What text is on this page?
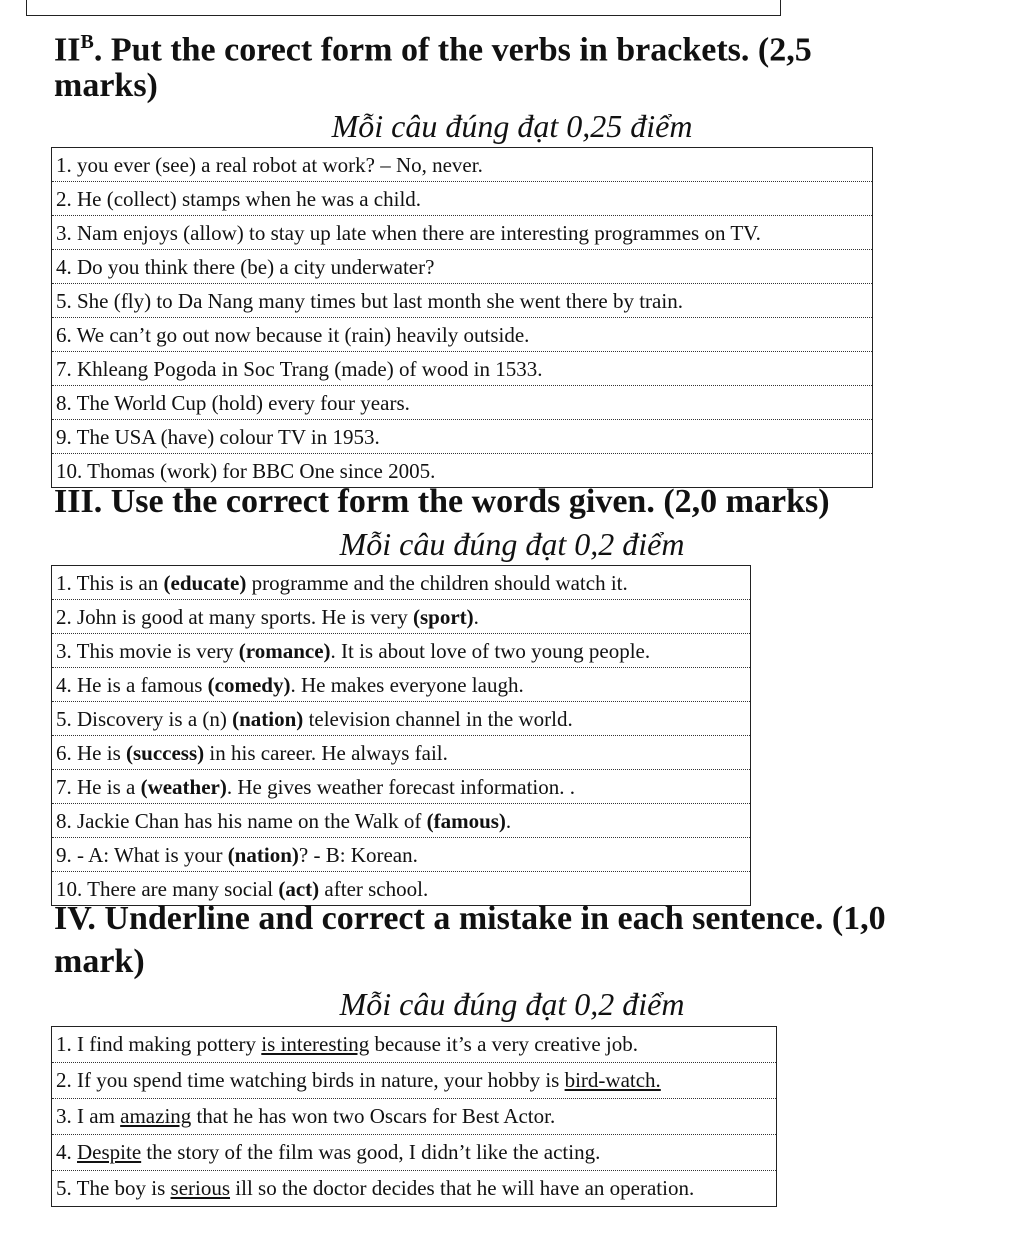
$II^B$. Put the corect form of the verbs in brackets. (2,5
marks)
Mỗi câu đúng đạt 0,25 điểm
1. you ever (see) a real robot at work? – No, never.
2. He (collect) stamps when he was a child.
3. Nam enjoys (allow) to stay up late when there are interesting programmes on TV.
4. Do you think there (be) a city underwater?
5. She (fly) to Da Nang many times but last month she went there by train.
6. We can’t go out now because it (rain) heavily outside.
7. Khleang Pogoda in Soc Trang (made) of wood in 1533.
8. The World Cup (hold) every four years.
9. The USA (have) colour TV in 1953.
10. Thomas (work) for BBC One since 2005.
III. Use the correct form the words given. (2,0 marks)
Mỗi câu đúng đạt 0,2 điểm
1. This is an (educate) programme and the children should watch it.
2. John is good at many sports. He is very (sport).
3. This movie is very (romance). It is about love of two young people.
4. He is a famous (comedy). He makes everyone laugh.
5. Discovery is a (n) (nation) television channel in the world.
6. He is (success) in his career. He always fail.
7. He is a (weather). He gives weather forecast information. .
8. Jackie Chan has his name on the Walk of (famous).
9. - A: What is your (nation)? - B: Korean.
10. There are many social (act) after school.
IV. Underline and correct a mistake in each sentence. (1,0
mark)
Mỗi câu đúng đạt 0,2 điểm
1. I find making pottery is interesting because it’s a very creative job.
2. If you spend time watching birds in nature, your hobby is bird-watch.
3. I am amazing that he has won two Oscars for Best Actor.
4. Despite the story of the film was good, I didn’t like the acting.
5. The boy is serious ill so the doctor decides that he will have an operation.
